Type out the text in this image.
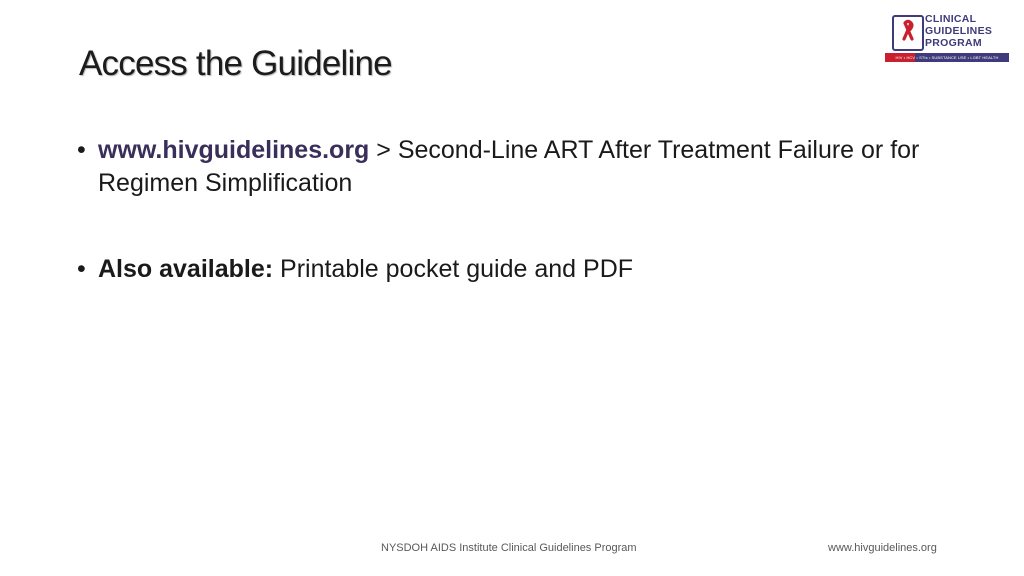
Access the Guideline
CLINICAL
GUIDELINES
PROGRAM
HIV • HCV • STIs • SUBSTANCE USE • LGBT HEALTH
• www.hivguidelines.org > Second-Line ART After Treatment Failure or for Regimen Simplification
• Also available: Printable pocket guide and PDF
NYSDOH AIDS Institute Clinical Guidelines Program	www.hivguidelines.org
